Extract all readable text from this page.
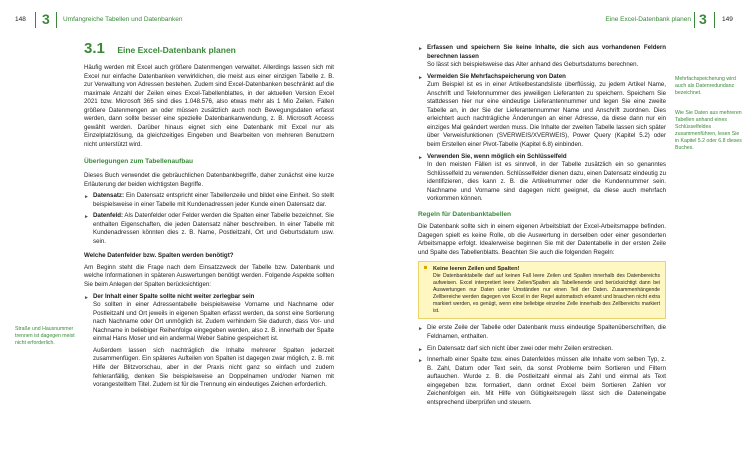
148 3 Umfangreiche Tabellen und Datenbanken	Eine Excel-Datenbank planen 3 149
3.1 Eine Excel-Datenbank planen

Häufig werden mit Excel auch größere Datenmengen verwaltet. Allerdings lassen sich mit Excel nur einfache Datenbanken verwirklichen, die meist aus einer einzigen Tabelle z. B. zur Verwaltung von Adressen bestehen. Zudem sind Excel-Datenbanken beschränkt auf die maximale Anzahl der Zeilen eines Excel-Tabellenblattes, in der aktuellen Version Excel 2021 bzw. Microsoft 365 sind dies 1.048.576, also etwas mehr als 1 Mio Zeilen. Fallen größere Datenmengen an oder müssen zusätzlich auch noch Bewegungsdaten erfasst werden, dann sollte besser eine spezielle Datenbankanwendung, z. B. Microsoft Access gewählt werden. Darüber hinaus eignet sich eine Datenbank mit Excel nur als Einzelplatzlösung, da gleichzeitiges Eingeben und Bearbeiten von mehreren Benutzern nicht unterstützt wird.

Überlegungen zum Tabellenaufbau

Dieses Buch verwendet die gebräuchlichen Datenbankbegriffe, daher zunächst eine kurze Erläuterung der beiden wichtigsten Begriffe.

► Datensatz: Ein Datensatz entspricht einer Tabellenzeile und bildet eine Einheit. So stellt beispielsweise in einer Tabelle mit Kundenadressen jeder Kunde einen Datensatz dar.
► Datenfeld: Als Datenfelder oder Felder werden die Spalten einer Tabelle bezeichnet. Sie enthalten Eigenschaften, die jeden Datensatz näher beschreiben. In einer Tabelle mit Kundenadressen könnten dies z. B. Name, Postleitzahl, Ort und Geburtsdatum usw. sein.
Welche Datenfelder bzw. Spalten werden benötigt?

Am Beginn steht die Frage nach dem Einsatzzweck der Tabelle bzw. Datenbank und welche Informationen in späteren Auswertungen benötigt werden. Folgende Aspekte sollten Sie beim Anlegen der Spalten berücksichtigen:

► Der Inhalt einer Spalte sollte nicht weiter zerlegbar sein

So sollten in einer Adressentabelle beispielsweise Vorname und Nachname oder Postleitzahl und Ort jeweils in eigenen Spalten erfasst werden, da sonst eine Sortierung nach Nachname oder Ort unmöglich ist. Zudem verhindern Sie dadurch, dass Vor- und Nachname in beliebiger Reihenfolge eingegeben werden, also z. B. innerhalb der Spalte einmal Hans Moser und ein andermal Weber Sabine gespeichert ist.

Außerdem lassen sich nachträglich die Inhalte mehrerer Spalten jederzeit zusammenfügen. Ein späteres Aufteilen von Spalten ist dagegen zwar möglich, z. B. mit Hilfe der Blitzvorschau, aber in der Praxis nicht ganz so einfach und zudem fehleranfällig, denken Sie beispielsweise an Doppelnamen und/oder Namen mit vorangestelltem Titel. Zudem ist für die Trennung ein eindeutiges Zeichen erforderlich.

Straße und Hausnummer trennen ist dagegen meist nicht erforderlich.
► Erfassen und speichern Sie keine Inhalte, die sich aus vorhandenen Feldern berechnen lassen
So lässt sich beispielsweise das Alter anhand des Geburtsdatums berechnen.
► Vermeiden Sie Mehrfachspeicherung von Daten
Zum Beispiel ist es in einer Artikelbestandsliste überflüssig, zu jedem Artikel Name, Anschrift und Telefonnummer des jeweiligen Lieferanten zu speichern. Speichern Sie stattdessen hier nur eine eindeutige Lieferantennummer und legen Sie eine zweite Tabelle an, in der Sie der Lieferantennummer Name und Anschrift zuordnen. Dies erleichtert auch nachträgliche Änderungen an einer Adresse, da diese dann nur ein einziges Mal geändert werden muss. Die Inhalte der zweiten Tabelle lassen sich später über Verweisfunktionen (SVERWEIS/XVERWEIS), Power Query (Kapitel 5.2) oder beim Erstellen einer Pivot-Tabelle (Kapitel 6.8) einbinden.
► Verwenden Sie, wenn möglich ein Schlüsselfeld
In den meisten Fällen ist es sinnvoll, in der Tabelle zusätzlich ein so genanntes Schlüsselfeld zu verwenden. Schlüsselfelder dienen dazu, einen Datensatz eindeutig zu identifizieren, dies kann z. B. die Artikelnummer oder die Kundennummer sein. Nachname und Vorname sind dagegen nicht geeignet, da diese auch mehrfach vorkommen können.
Regeln für Datenbanktabellen

Die Datenbank sollte sich in einem eigenen Arbeitsblatt der Excel-Arbeitsmappe befinden. Dagegen spielt es keine Rolle, ob die Auswertung in derselben oder einer gesonderten Arbeitsmappe erfolgt. Idealerweise beginnen Sie mit der Datentabelle in der ersten Zeile und Spalte des Tabellenblatts. Beachten Sie auch die folgenden Regeln:

Keine leeren Zeilen und Spalten!
Die Datenbanktabelle darf auf keinen Fall leere Zeilen und Spalten innerhalb des Datenbereichs aufweisen. Excel interpretiert leere Zeilen/Spalten als Tabellenende und berücksichtigt dann bei Auswertungen nur Daten unter Umständen nur einen Teil der Daten. Zusammenhängende Zellbereiche werden dagegen von Excel in der Regel automatisch erkannt und brauchen nicht extra markiert werden, es genügt, wenn eine beliebige einzelne Zelle innerhalb des Zellbereichs markiert ist.
► Die erste Zeile der Tabelle oder Datenbank muss eindeutige Spaltenüberschriften, die Feldnamen, enthalten.
► Ein Datensatz darf sich nicht über zwei oder mehr Zeilen erstrecken.
► Innerhalb einer Spalte bzw. eines Datenfeldes müssen alle Inhalte vom selben Typ, z. B. Zahl, Datum oder Text sein, da sonst Probleme beim Sortieren und Filtern auftauchen. Wurde z. B. die Postleitzahl einmal als Zahl und einmal als Text eingegeben bzw. formatiert, dann ordnet Excel beim Sortieren Zahlen vor Zeichenfolgen ein. Mit Hilfe von Gültigkeitsregeln lässt sich die Dateneingabe entsprechend überprüfen und steuern.
Mehrfachspeicherung wird auch als Datenredundanz bezeichnet.
Wie Sie Daten aus mehreren Tabellen anhand eines Schlüsselfeldes zusammenführen, lesen Sie in Kapitel 5.2 oder 6.8 dieses Buches.
